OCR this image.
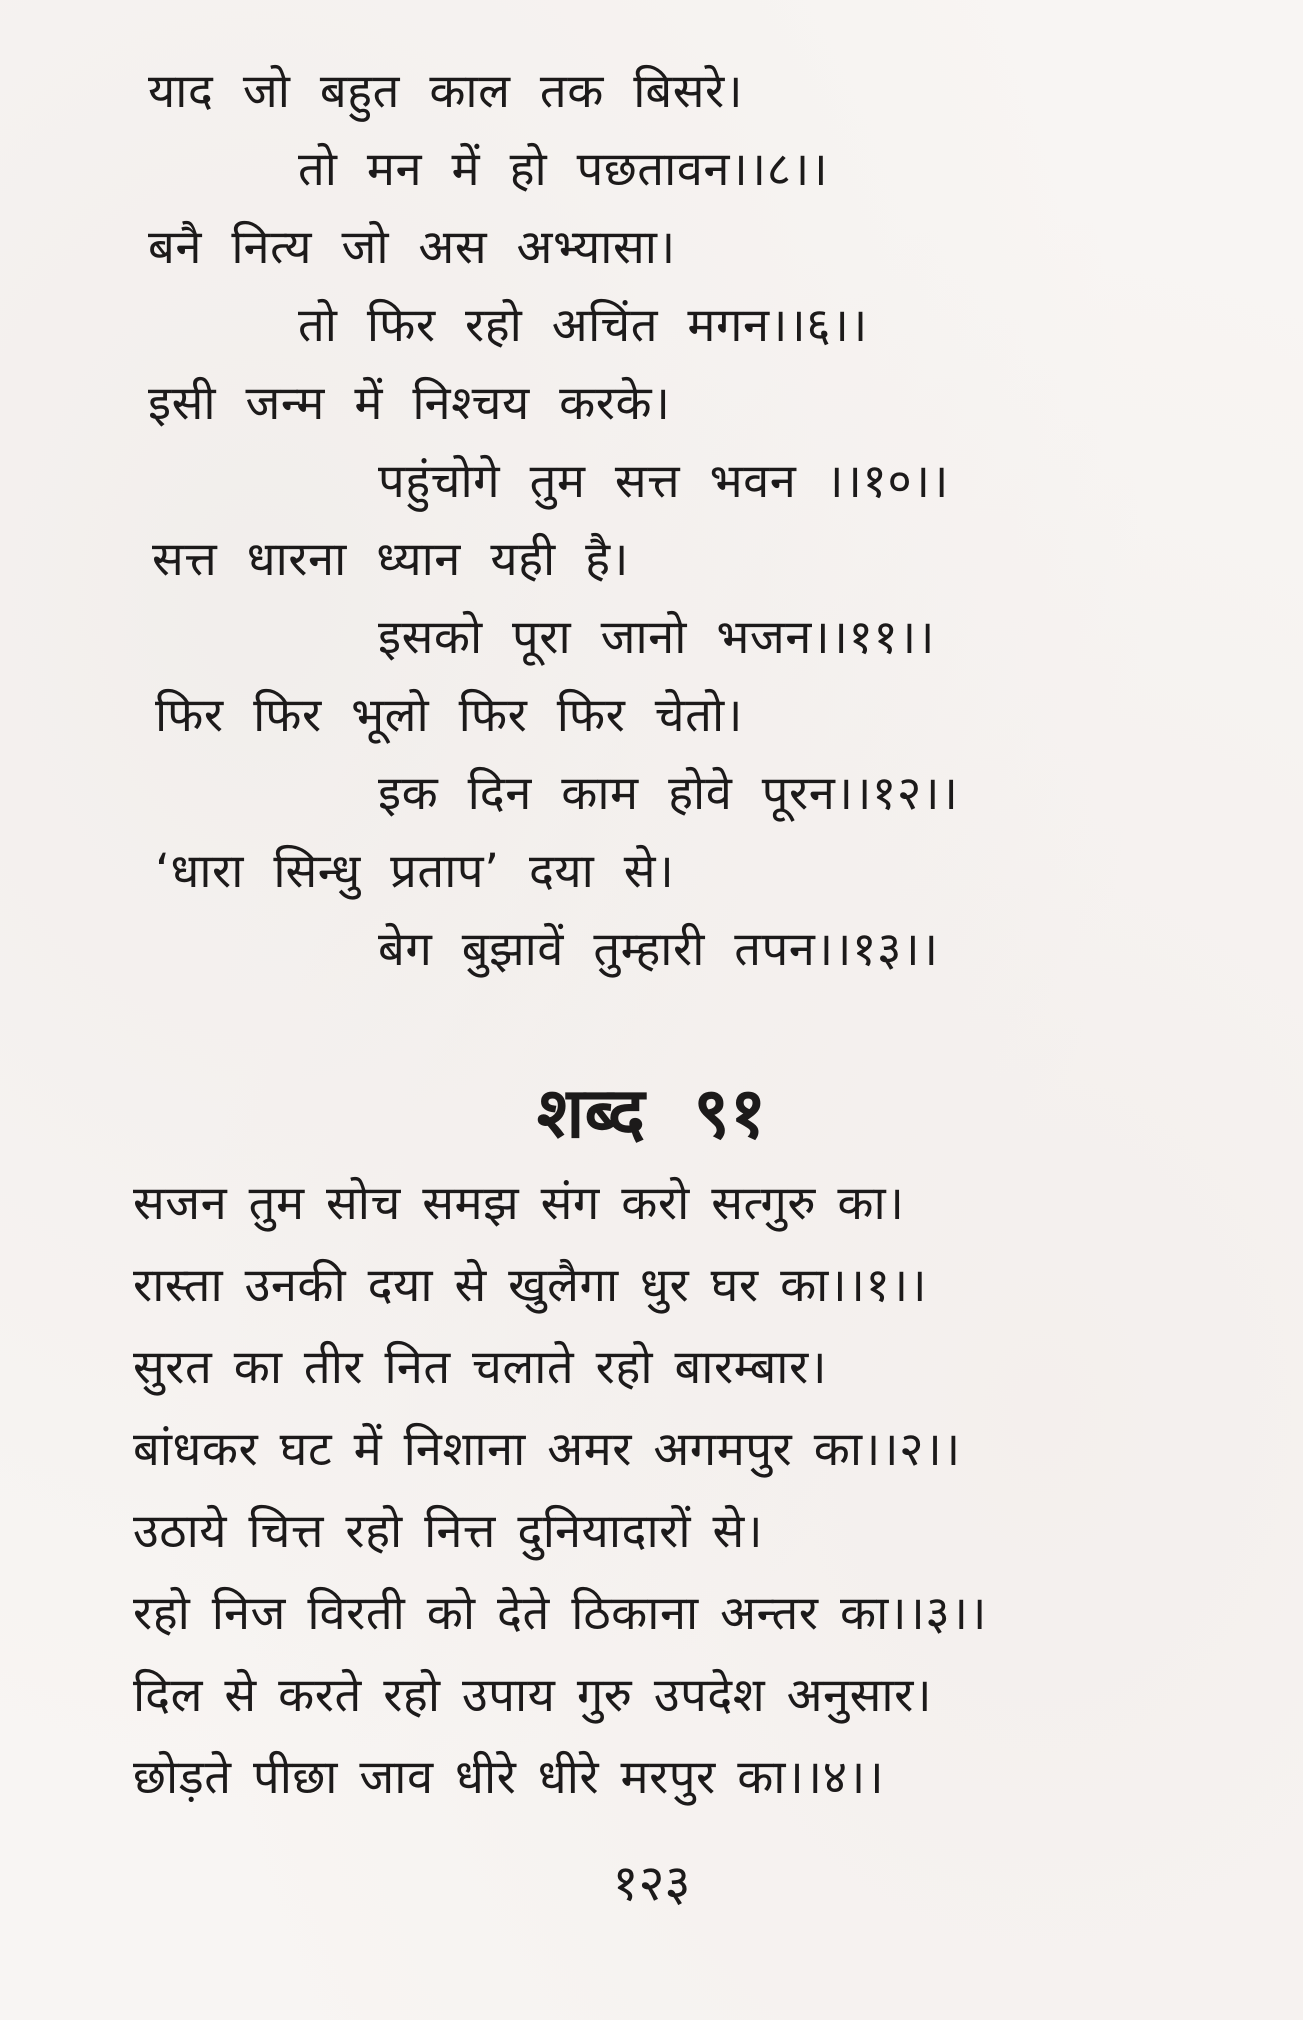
याद जो बहुत काल तक बिसरे।
तो मन में हो पछतावन।।८।।
बनै नित्य जो अस अभ्यासा।
तो फिर रहो अचिंत मगन।।६।।
इसी जन्म में निश्चय करके।
पहुंचोगे तुम सत्त भवन ।।१०।।
सत्त धारना ध्यान यही है।
इसको पूरा जानो भजन।।११।।
फिर फिर भूलो फिर फिर चेतो।
इक दिन काम होवे पूरन।।१२।।
‘धारा सिन्धु प्रताप’ दया से।
बेग बुझावें तुम्हारी तपन।।१३।।
शब्द ९१
सजन तुम सोच समझ संग करो सत्गुरु का।
रास्ता उनकी दया से खुलैगा धुर घर का।।१।।
सुरत का तीर नित चलाते रहो बारम्बार।
बांधकर घट में निशाना अमर अगमपुर का।।२।।
उठाये चित्त रहो नित्त दुनियादारों से।
रहो निज विरती को देते ठिकाना अन्तर का।।३।।
दिल से करते रहो उपाय गुरु उपदेश अनुसार।
छोड़ते पीछा जाव धीरे धीरे मरपुर का।।४।।
१२३
